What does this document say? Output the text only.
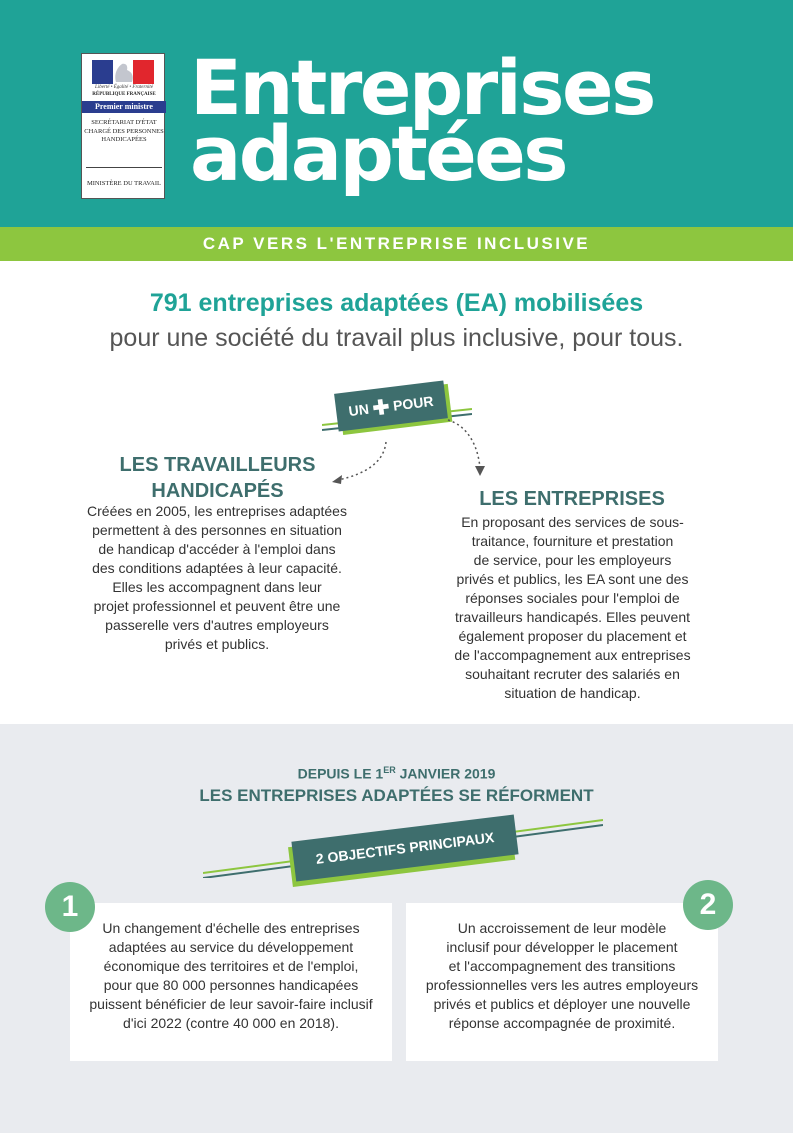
Liberté • Égalité • Fraternité
RÉPUBLIQUE FRANÇAISE
Premier ministre
SECRÉTARIAT D'ÉTAT CHARGÉ DES PERSONNES HANDICAPÉES
MINISTÈRE DU TRAVAIL
Entreprises
adaptées
CAP VERS L'ENTREPRISE INCLUSIVE
791 entreprises adaptées (EA) mobilisées
pour une société du travail plus inclusive, pour tous.
UN ✚ POUR
LES TRAVAILLEURS
HANDICAPÉS
Créées en 2005, les entreprises adaptées
permettent à des personnes en situation
de handicap d'accéder à l'emploi dans
des conditions adaptées à leur capacité.
Elles les accompagnent dans leur
projet professionnel et peuvent être une
passerelle vers d'autres employeurs
privés et publics.
LES ENTREPRISES
En proposant des services de sous-
traitance, fourniture et prestation
de service, pour les employeurs
privés et publics, les EA sont une des
réponses sociales pour l'emploi de
travailleurs handicapés. Elles peuvent
également proposer du placement et
de l'accompagnement aux entreprises
souhaitant recruter des salariés en
situation de handicap.
DEPUIS LE 1ER JANVIER 2019
LES ENTREPRISES ADAPTÉES SE RÉFORMENT
2 OBJECTIFS PRINCIPAUX
Un changement d'échelle des entreprises
adaptées au service du développement
économique des territoires et de l'emploi,
pour que 80 000 personnes handicapées
puissent bénéficier de leur savoir-faire inclusif
d'ici 2022 (contre 40 000 en 2018).
Un accroissement de leur modèle
inclusif pour développer le placement
et l'accompagnement des transitions
professionnelles vers les autres employeurs
privés et publics et déployer une nouvelle
réponse accompagnée de proximité.
1	2
